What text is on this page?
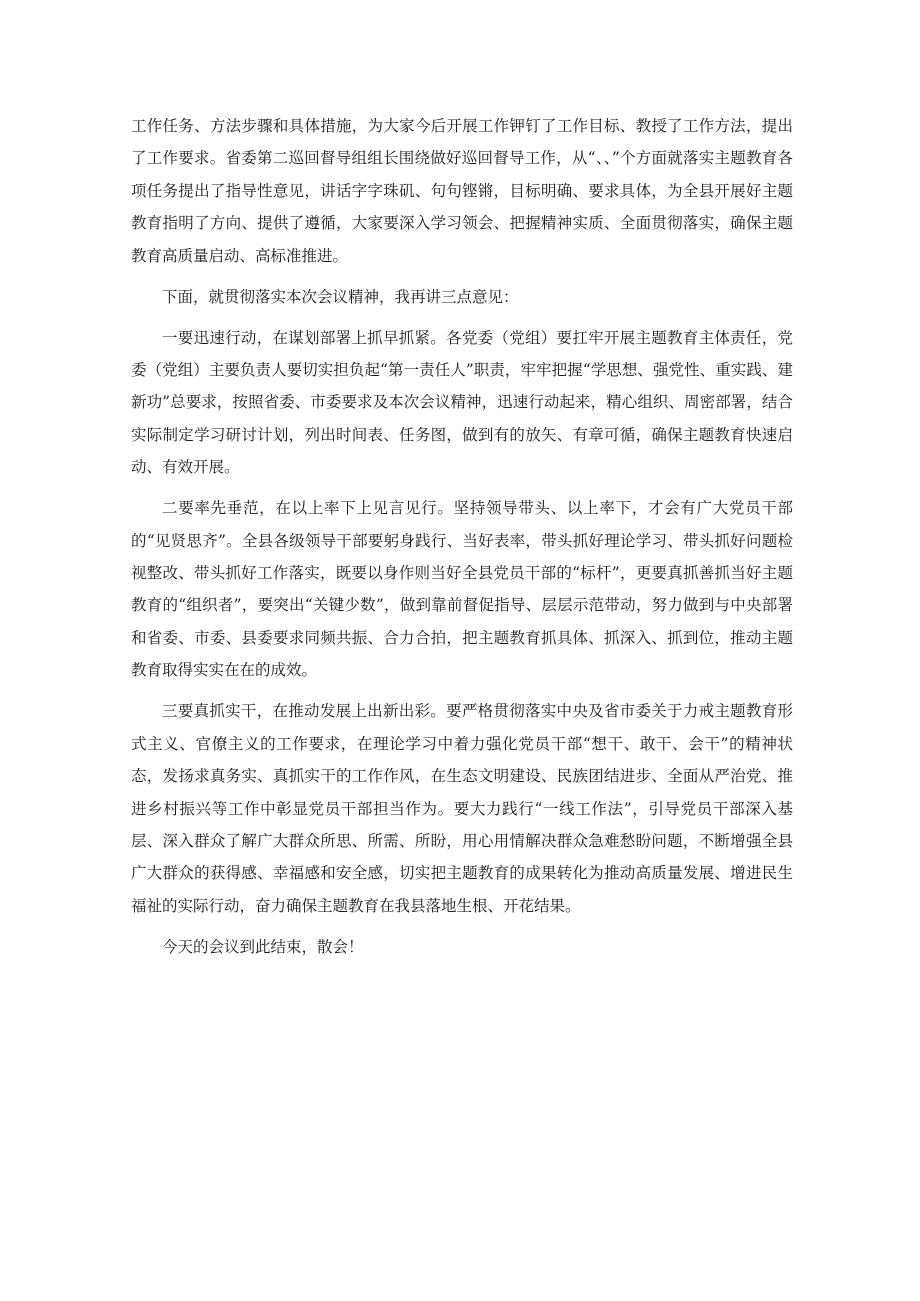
工作任务、方法步骤和具体措施，为大家今后开展工作钾钉了工作目标、教授了工作方法，提出了工作要求。省委第二巡回督导组组长围绕做好巡回督导工作，从“、、”个方面就落实主题教育各项任务提出了指导性意见，讲话字字珠矶、句句铿锵，目标明确、要求具体，为全县开展好主题教育指明了方向、提供了遵循，大家要深入学习领会、把握精神实质、全面贯彻落实，确保主题教育高质量启动、高标准推进。

下面，就贯彻落实本次会议精神，我再讲三点意见：

一要迅速行动，在谋划部署上抓早抓紧。各党委（党组）要扛牢开展主题教育主体责任，党委（党组）主要负责人要切实担负起“第一责任人”职责，牢牢把握“学思想、强党性、重实践、建新功”总要求，按照省委、市委要求及本次会议精神，迅速行动起来，精心组织、周密部署，结合实际制定学习研讨计划，列出时间表、任务图，做到有的放矢、有章可循，确保主题教育快速启动、有效开展。

二要率先垂范，在以上率下上见言见行。坚持领导带头、以上率下，才会有广大党员干部的“见贤思齐”。全县各级领导干部要躬身践行、当好表率，带头抓好理论学习、带头抓好问题检视整改、带头抓好工作落实，既要以身作则当好全县党员干部的“标杆”，更要真抓善抓当好主题教育的“组织者”，要突出“关键少数”，做到靠前督促指导、层层示范带动，努力做到与中央部署和省委、市委、县委要求同频共振、合力合拍，把主题教育抓具体、抓深入、抓到位，推动主题教育取得实实在在的成效。

三要真抓实干，在推动发展上出新出彩。要严格贯彻落实中央及省市委关于力戒主题教育形式主义、官僚主义的工作要求，在理论学习中着力强化党员干部“想干、敢干、会干”的精神状态，发扬求真务实、真抓实干的工作作风，在生态文明建设、民族团结进步、全面从严治党、推进乡村振兴等工作中彰显党员干部担当作为。要大力践行“一线工作法”，引导党员干部深入基层、深入群众了解广大群众所思、所需、所盼，用心用情解决群众急难愁盼问题，不断增强全县广大群众的获得感、幸福感和安全感，切实把主题教育的成果转化为推动高质量发展、增进民生福祉的实际行动，奋力确保主题教育在我县落地生根、开花结果。

今天的会议到此结束，散会！
